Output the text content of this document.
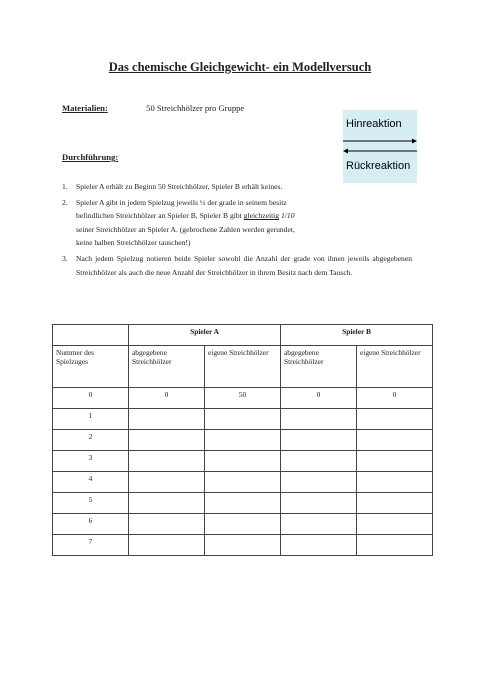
Das chemische Gleichgewicht- ein Modellversuch
Materialien:	50 Streichhölzer pro Gruppe
Hinreaktion
Rückreaktion
Durchführung:
1. Spieler A erhält zu Beginn 50 Streichhölzer, Spieler B erhält keines.
2. Spieler A gibt in jedem Spielzug jeweils ½ der grade in seinem besitz
befindlichen Streichhölzer an Spieler B, Spieler B gibt gleichzeitig 1/10
seiner Streichhölzer an Spieler A. (gebrochene Zahlen werden gerundet,
keine halben Streichhölzer tauschen!)
3. Nach jedem Spielzug notieren beide Spieler sowohl die Anzahl der grade von ihnen jeweils abgegebenen Streichhölzer als auch die neue Anzahl der Streichhölzer in ihrem Besitz nach dem Tausch.
	Spieler A		Spieler B	
Nummer des Spielzuges	abgegebene Streichhölzer	eigene Streichhölzer	abgegebene Streichhölzer	eigene Streichhölzer
0	0	50	0	0
1				
2				
3				
4				
5				
6				
7				
